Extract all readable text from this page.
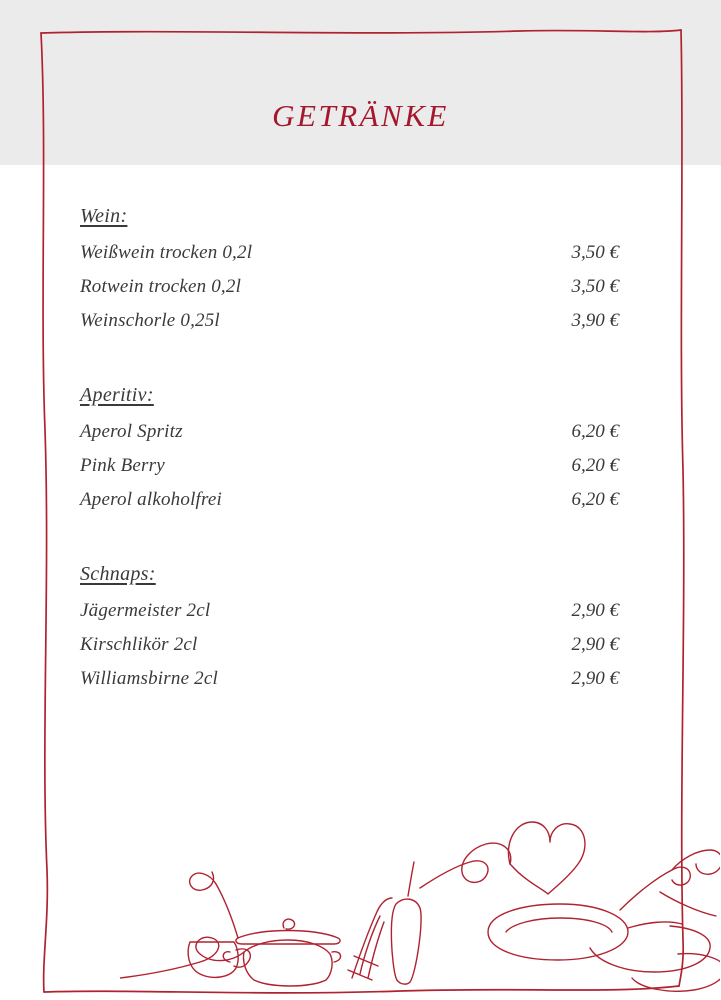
GETRÄNKE
Wein:
Weißwein trocken 0,2l	3,50 €
Rotwein trocken 0,2l	3,50 €
Weinschorle 0,25l	3,90 €
Aperitiv:
Aperol Spritz	6,20 €
Pink Berry	6,20 €
Aperol alkoholfrei	6,20 €
Schnaps:
Jägermeister 2cl	2,90 €
Kirschlikör 2cl	2,90 €
Williamsbirne 2cl	2,90 €
